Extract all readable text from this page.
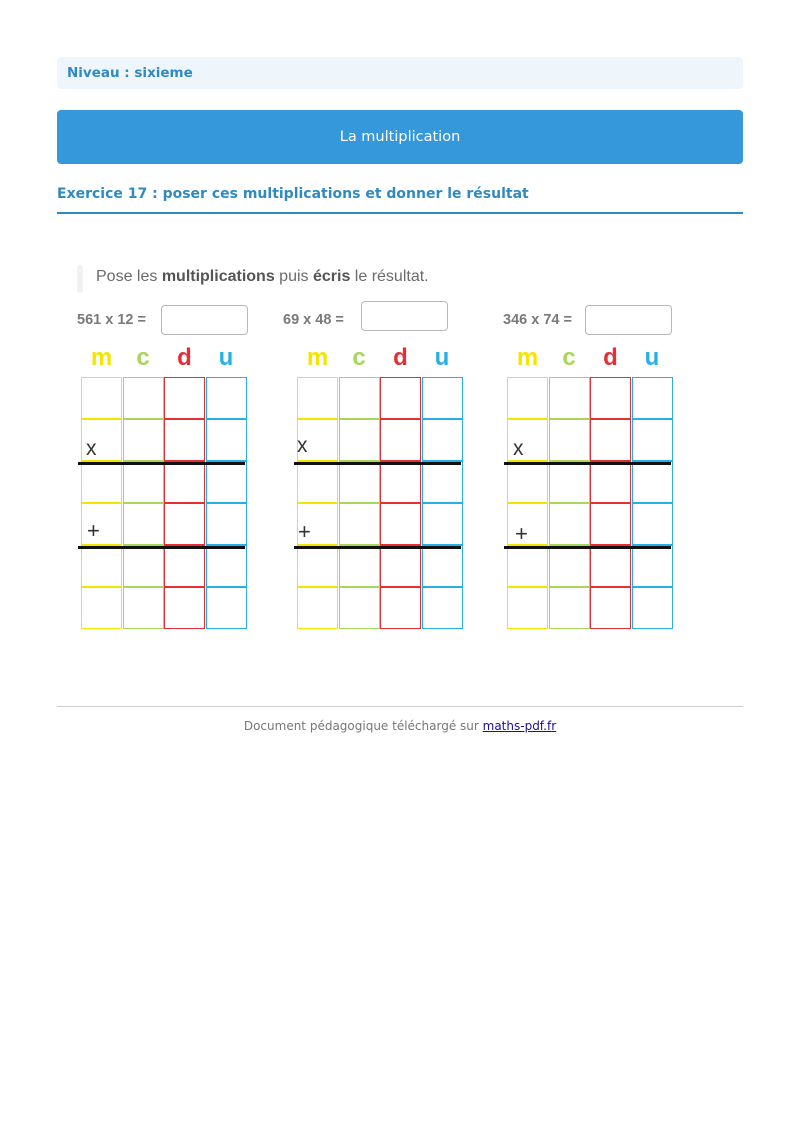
Niveau : sixieme
La multiplication
Exercice 17 : poser ces multiplications et donner le résultat
Pose les multiplications puis écris le résultat.
561 x 12 =
m	c	d	u
x
+
69 x 48 =
m	c	d	u
x
+
346 x 74 =
m	c	d	u
x
+
Document pédagogique téléchargé sur maths-pdf.fr
